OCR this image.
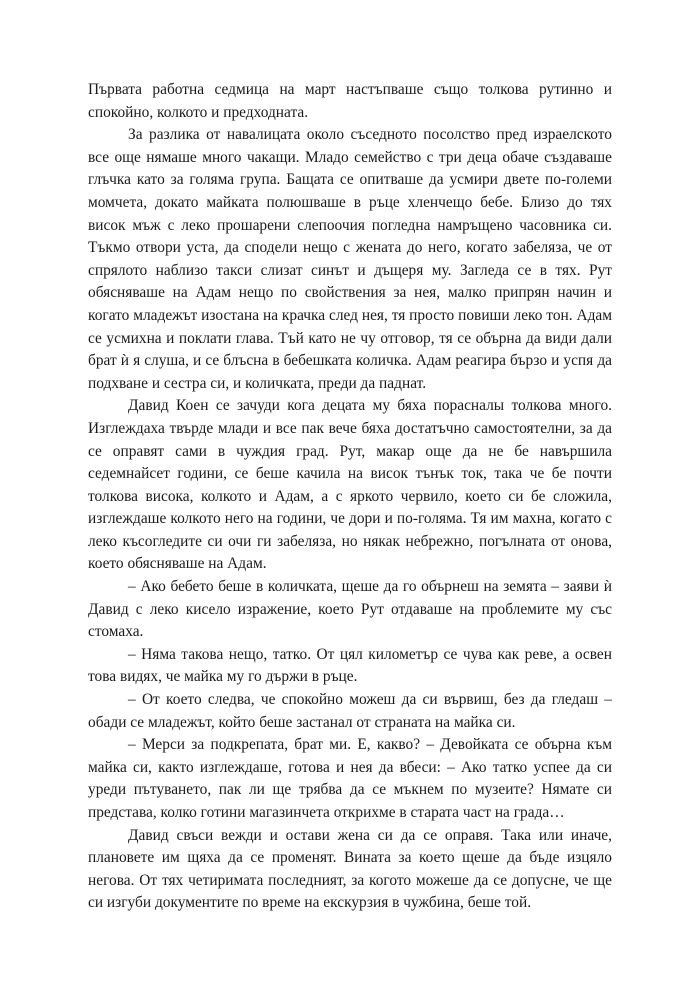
Първата работна седмица на март настъпваше също толкова рутинно и спокойно, колкото и предходната.

За разлика от навалицата около съседното посолство пред израелското все още нямаше много чакащи. Младо семейство с три деца обаче създаваше глъчка като за голяма група. Бащата се опитваше да усмири двете по-големи момчета, докато майката полюшваше в ръце хленчещо бебе. Близо до тях висок мъж с леко прошарени слепоочия погледна намръщено часовника си. Тъкмо отвори уста, да сподели нещо с жената до него, когато забеляза, че от спрялото наблизо такси слизат синът и дъщеря му. Загледа се в тях. Рут обясняваше на Адам нещо по свойствения за нея, малко припрян начин и когато младежът изостана на крачка след нея, тя просто повиши леко тон. Адам се усмихна и поклати глава. Тъй като не чу отговор, тя се обърна да види дали брат ѝ я слуша, и се блъсна в бебешката количка. Адам реагира бързо и успя да подхване и сестра си, и количката, преди да паднат.

Давид Коен се зачуди кога децата му бяха порасналы толкова много. Изглеждаха твърде млади и все пак вече бяха достатъчно самостоятелни, за да се оправят сами в чуждия град. Рут, макар още да не бе навършила седемнайсет години, се беше качила на висок тънък ток, така че бе почти толкова висока, колкото и Адам, а с яркото червило, което си бе сложила, изглеждаше колкото него на години, че дори и по-голяма. Тя им махна, когато с леко късогледите си очи ги забеляза, но някак небрежно, погълната от онова, което обясняваше на Адам.

– Ако бебето беше в количката, щеше да го обърнеш на земята – заяви ѝ Давид с леко кисело изражение, което Рут отдаваше на проблемите му със стомаха.

– Няма такова нещо, татко. От цял километър се чува как реве, а освен това видях, че майка му го държи в ръце.

– От което следва, че спокойно можеш да си вървиш, без да гледаш – обади се младежът, който беше застанал от страната на майка си.

– Мерси за подкрепата, брат ми. Е, какво? – Девойката се обърна към майка си, както изглеждаше, готова и нея да вбеси: – Ако татко успее да си уреди пътуването, пак ли ще трябва да се мъкнем по музеите? Нямате си представа, колко готини магазинчета открихме в старата част на града…

Давид свъси вежди и остави жена си да се оправя. Така или иначе, плановете им щяха да се променят. Вината за което щеше да бъде изцяло негова. От тях четиримата последният, за когото можеше да се допусне, че ще си изгуби документите по време на екскурзия в чужбина, беше той.
